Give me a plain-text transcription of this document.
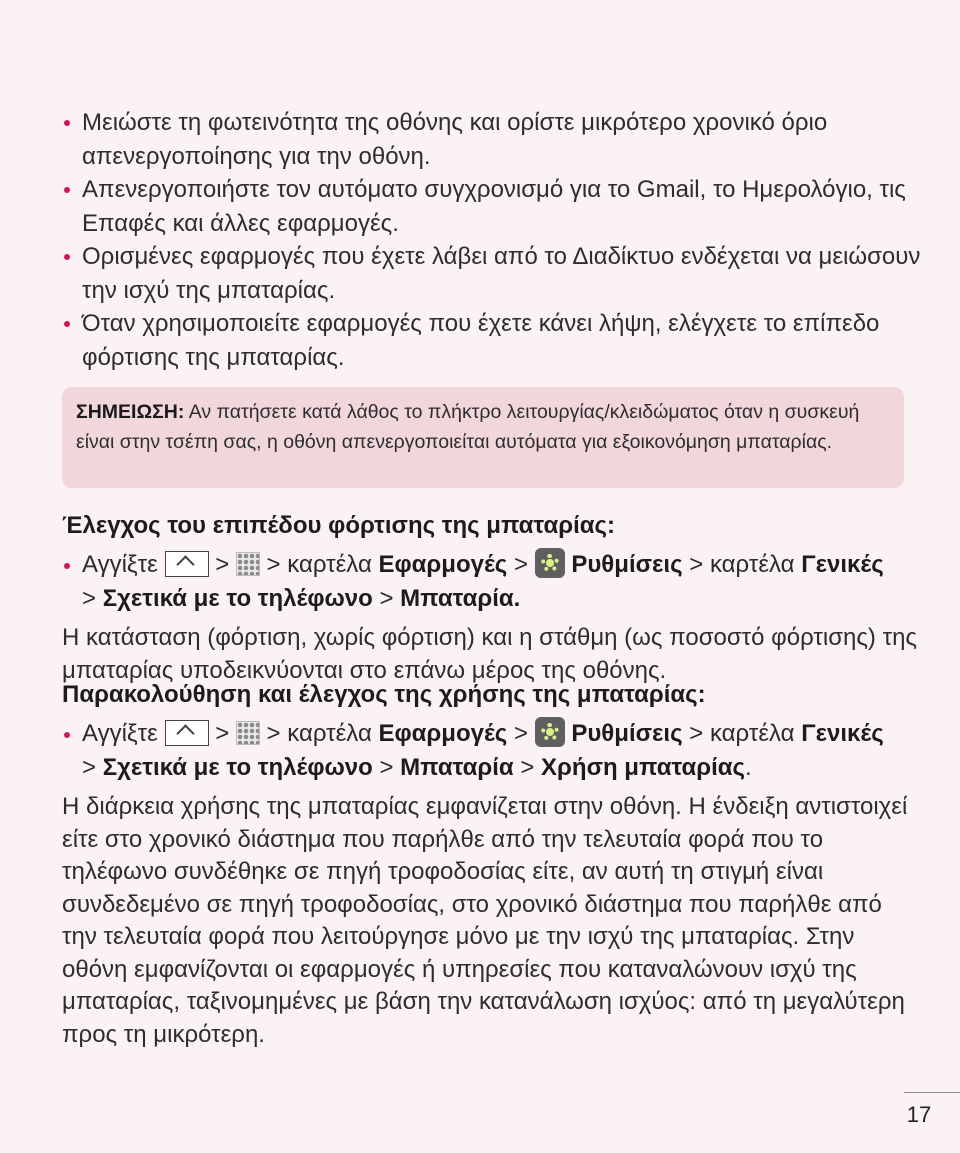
Μειώστε τη φωτεινότητα της οθόνης και ορίστε μικρότερο χρονικό όριο απενεργοποίησης για την οθόνη.
Απενεργοποιήστε τον αυτόματο συγχρονισμό για το Gmail, το Ημερολόγιο, τις Επαφές και άλλες εφαρμογές.
Ορισμένες εφαρμογές που έχετε λάβει από το Διαδίκτυο ενδέχεται να μειώσουν την ισχύ της μπαταρίας.
Όταν χρησιμοποιείτε εφαρμογές που έχετε κάνει λήψη, ελέγχετε το επίπεδο φόρτισης της μπαταρίας.
ΣΗΜΕΙΩΣΗ: Αν πατήσετε κατά λάθος το πλήκτρο λειτουργίας/κλειδώματος όταν η συσκευή είναι στην τσέπη σας, η οθόνη απενεργοποιείται αυτόματα για εξοικονόμηση μπαταρίας.
Έλεγχος του επιπέδου φόρτισης της μπαταρίας:
Αγγίξτε > > καρτέλα Εφαρμογές > Ρυθμίσεις > καρτέλα Γενικές
> Σχετικά με το τηλέφωνο > Μπαταρία.
Η κατάσταση (φόρτιση, χωρίς φόρτιση) και η στάθμη (ως ποσοστό φόρτισης) της μπαταρίας υποδεικνύονται στο επάνω μέρος της οθόνης.
Παρακολούθηση και έλεγχος της χρήσης της μπαταρίας:
Αγγίξτε > > καρτέλα Εφαρμογές > Ρυθμίσεις > καρτέλα Γενικές
> Σχετικά με το τηλέφωνο > Μπαταρία > Χρήση μπαταρίας.
Η διάρκεια χρήσης της μπαταρίας εμφανίζεται στην οθόνη. Η ένδειξη αντιστοιχεί είτε στο χρονικό διάστημα που παρήλθε από την τελευταία φορά που το τηλέφωνο συνδέθηκε σε πηγή τροφοδοσίας είτε, αν αυτή τη στιγμή είναι συνδεδεμένο σε πηγή τροφοδοσίας, στο χρονικό διάστημα που παρήλθε από την τελευταία φορά που λειτούργησε μόνο με την ισχύ της μπαταρίας. Στην οθόνη εμφανίζονται οι εφαρμογές ή υπηρεσίες που καταναλώνουν ισχύ της μπαταρίας, ταξινομημένες με βάση την κατανάλωση ισχύος: από τη μεγαλύτερη προς τη μικρότερη.
17
